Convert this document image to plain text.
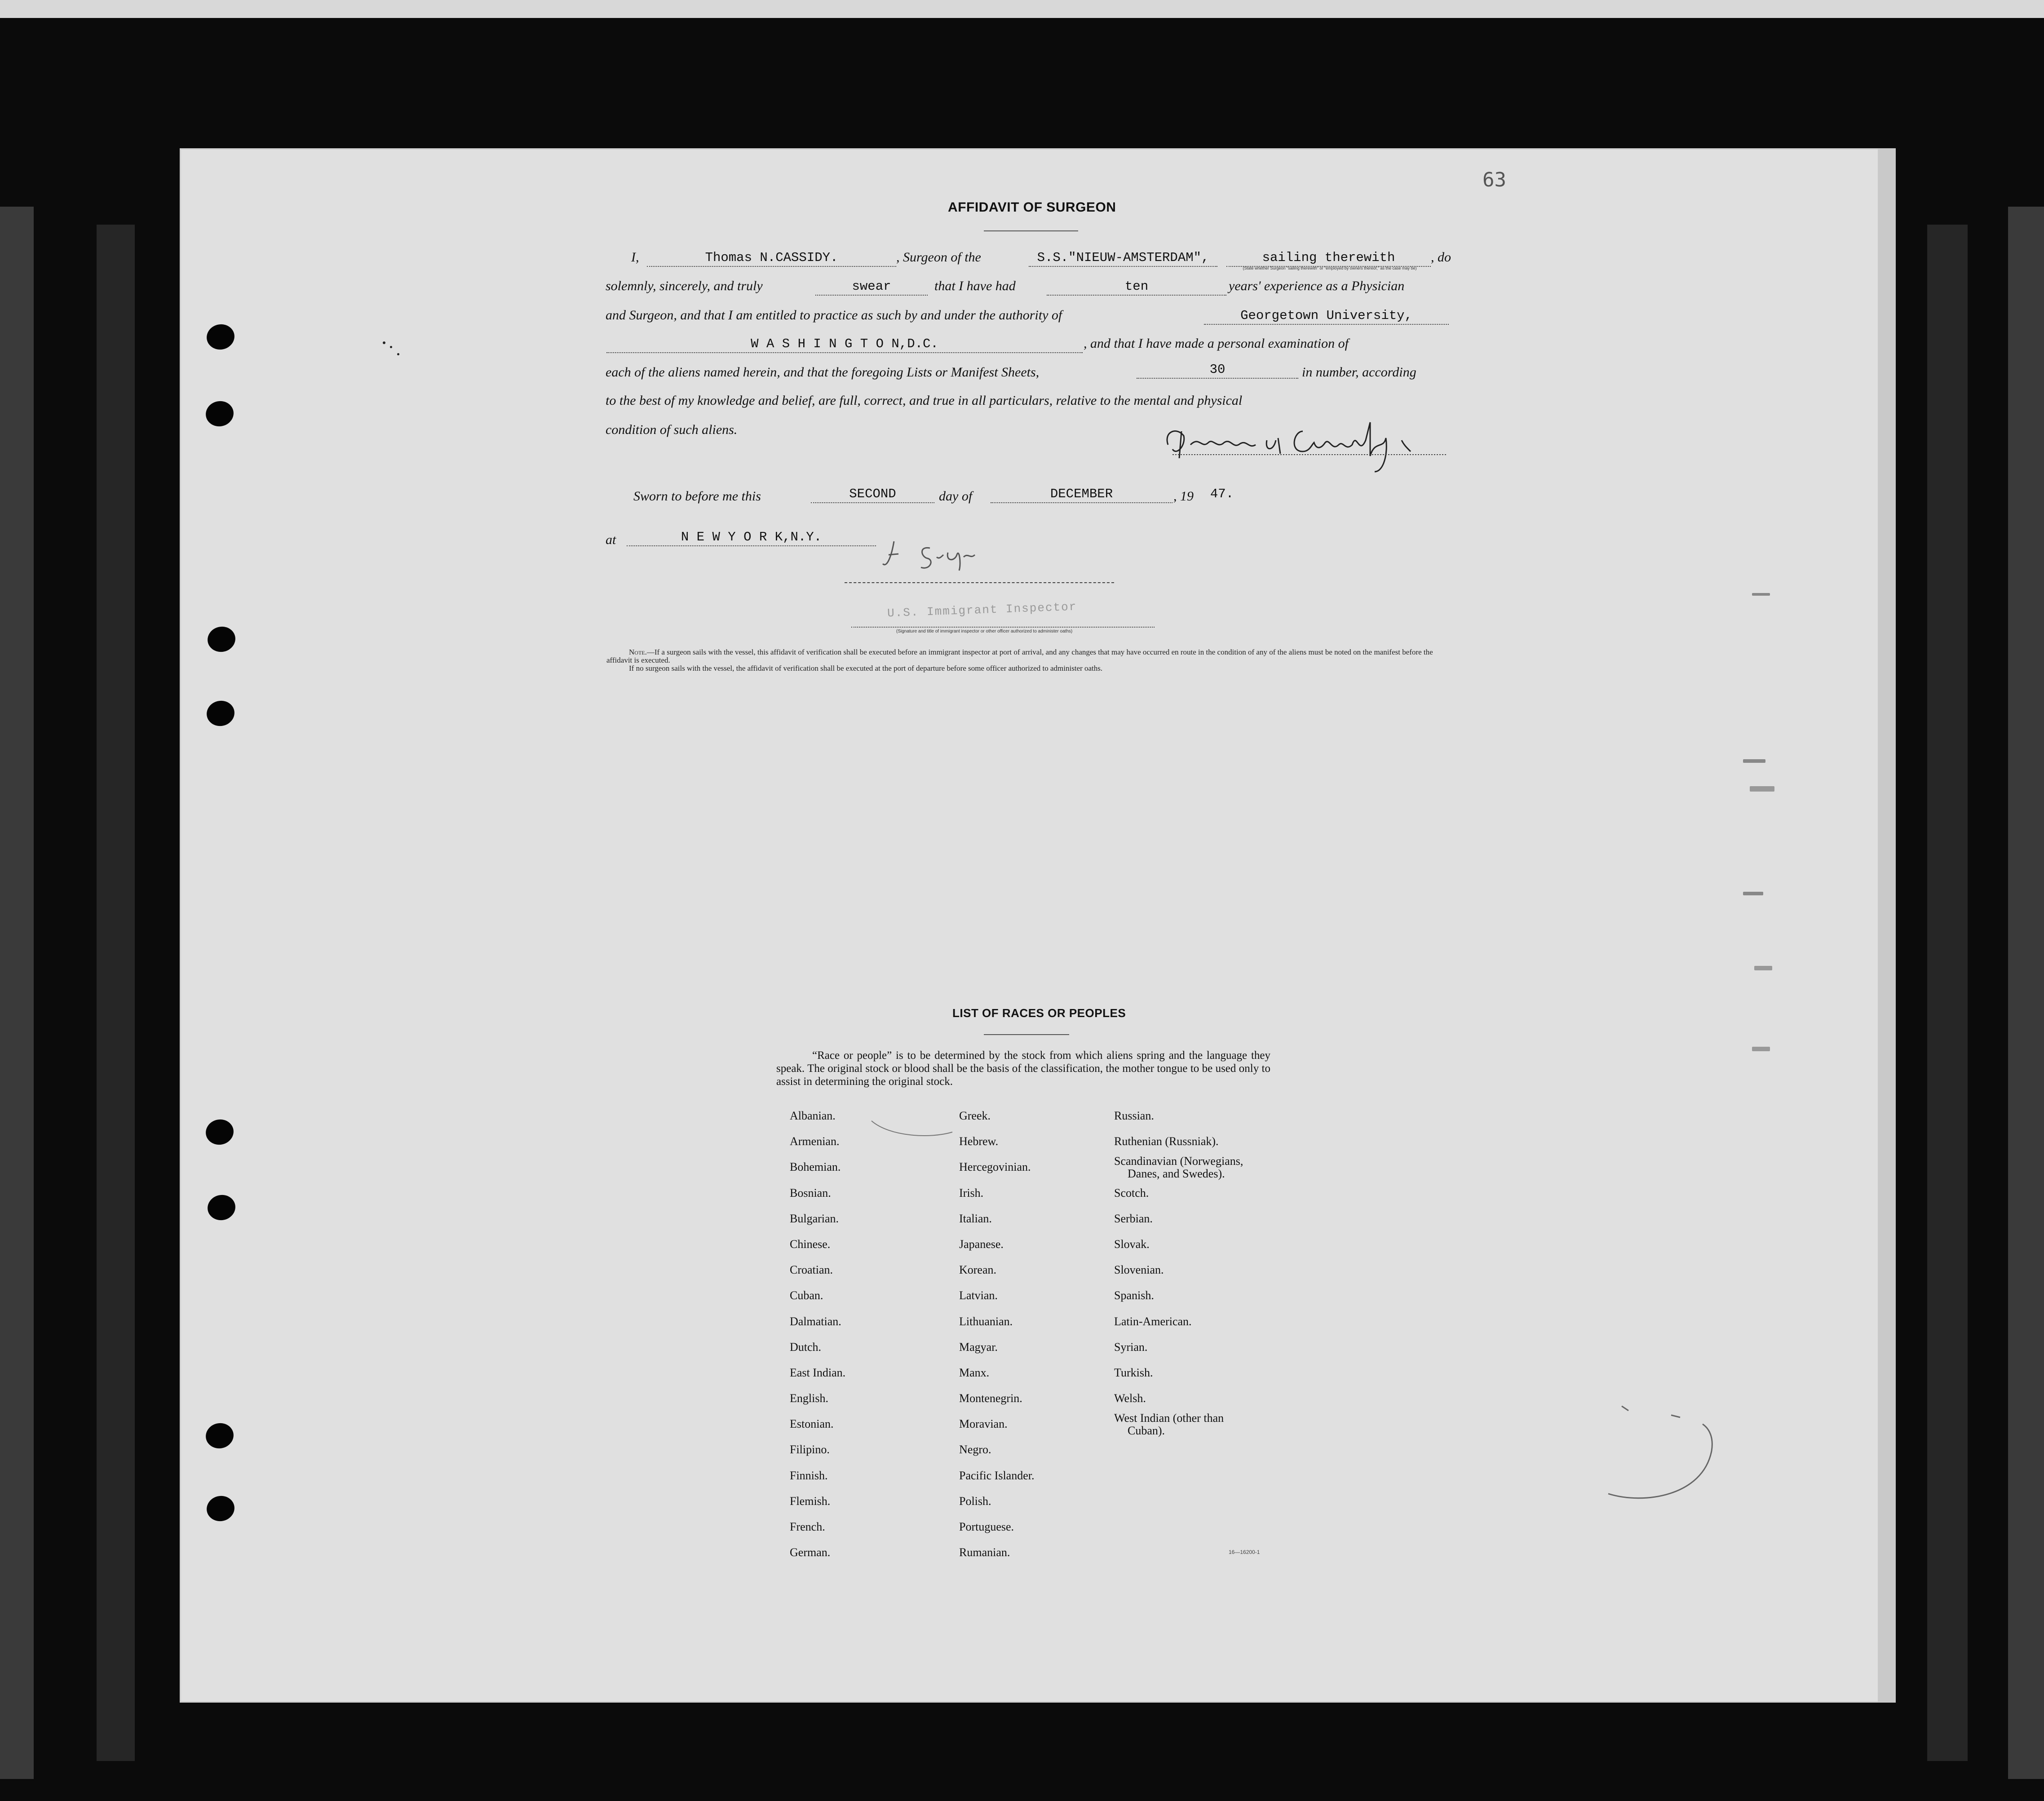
63
AFFIDAVIT OF SURGEON
I,	Thomas N.CASSIDY.	, Surgeon of the	S.S."NIEUW-AMSTERDAM",	sailing therewith	, do
(State whether Surgeon "sailing therewith" or "employed by owners thereof," as the case may be)
solemnly, sincerely, and truly	swear	that I have had	ten	years' experience as a Physician
and Surgeon, and that I am entitled to practice as such by and under the authority of	Georgetown University,
W A S H I N G T O N,D.C.	, and that I have made a personal examination of
each of the aliens named herein, and that the foregoing Lists or Manifest Sheets,	30	in number, according
to the best of my knowledge and belief, are full, correct, and true in all particulars, relative to the mental and physical
condition of such aliens.
Sworn to before me this	SECOND	day of	DECEMBER	, 19 47.
at	N E W Y O R K,N.Y.
U.S. Immigrant Inspector
(Signature and title of immigrant inspector or other officer authorized to administer oaths)
Note.—If a surgeon sails with the vessel, this affidavit of verification shall be executed before an immigrant inspector at port of arrival, and any changes that may have occurred en route in the condition of any of the aliens must be noted on the manifest before the affidavit is executed.
If no surgeon sails with the vessel, the affidavit of verification shall be executed at the port of departure before some officer authorized to administer oaths.
LIST OF RACES OR PEOPLES
“Race or people” is to be determined by the stock from which aliens spring and the language they speak. The original stock or blood shall be the basis of the classification, the mother tongue to be used only to assist in determining the original stock.
Albanian.
Armenian.
Bohemian.
Bosnian.
Bulgarian.
Chinese.
Croatian.
Cuban.
Dalmatian.
Dutch.
East Indian.
English.
Estonian.
Filipino.
Finnish.
Flemish.
French.
German.
Greek.
Hebrew.
Hercegovinian.
Irish.
Italian.
Japanese.
Korean.
Latvian.
Lithuanian.
Magyar.
Manx.
Montenegrin.
Moravian.
Negro.
Pacific Islander.
Polish.
Portuguese.
Rumanian.
Russian.
Ruthenian (Russniak).
Scandinavian (Norwegians,
Danes, and Swedes).
Scotch.
Serbian.
Slovak.
Slovenian.
Spanish.
Latin-American.
Syrian.
Turkish.
Welsh.
West Indian (other than
Cuban).
16—16200-1
